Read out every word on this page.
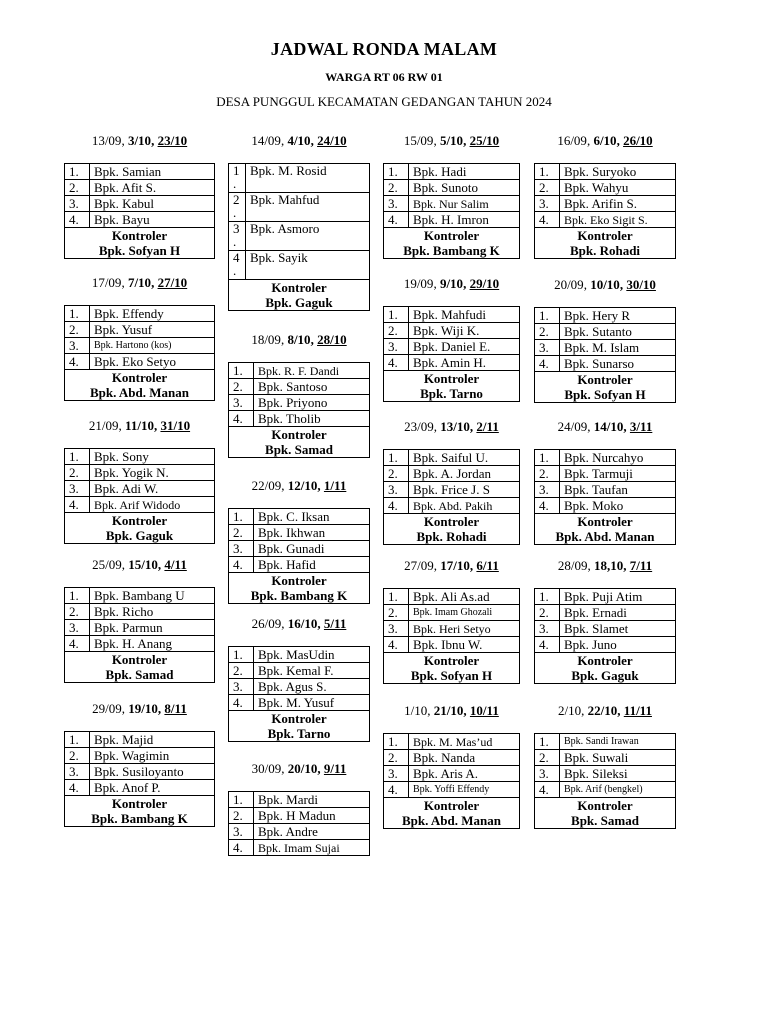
JADWAL RONDA MALAM
WARGA RT 06 RW 01
DESA PUNGGUL KECAMATAN GEDANGAN TAHUN 2024
13/09, 3/10, 23/10
1.	Bpk. Samian
2.	Bpk. Afit S.
3.	Bpk. Kabul
4.	Bpk. Bayu
Kontroler	
Bpk. Sofyan H	
17/09, 7/10, 27/10
1.	Bpk. Effendy
2.	Bpk. Yusuf
3.	Bpk. Hartono (kos)
4.	Bpk. Eko Setyo
Kontroler	
Bpk. Abd. Manan	
21/09, 11/10, 31/10
1.	Bpk. Sony
2.	Bpk. Yogik N.
3.	Bpk. Adi W.
4.	Bpk. Arif Widodo
Kontroler	
Bpk. Gaguk	
25/09, 15/10, 4/11
1.	Bpk. Bambang U
2.	Bpk. Richo
3.	Bpk. Parmun
4.	Bpk. H. Anang
Kontroler	
Bpk. Samad	
29/09, 19/10, 8/11
1.	Bpk. Majid
2.	Bpk. Wagimin
3.	Bpk. Susiloyanto
4.	Bpk. Anof P.
Kontroler	
Bpk. Bambang K	
14/09, 4/10, 24/10
1 .	Bpk. M. Rosid
2 .	Bpk. Mahfud
3 .	Bpk. Asmoro
4 .	Bpk. Sayik
Kontroler	
Bpk. Gaguk	
18/09, 8/10, 28/10
1.	Bpk. R. F. Dandi
2.	Bpk. Santoso
3.	Bpk. Priyono
4.	Bpk. Tholib
Kontroler	
Bpk. Samad	
22/09, 12/10, 1/11
1.	Bpk. C. Iksan
2.	Bpk. Ikhwan
3.	Bpk. Gunadi
4.	Bpk. Hafid
Kontroler	
Bpk. Bambang K	
26/09, 16/10, 5/11
1.	Bpk. MasUdin
2.	Bpk. Kemal F.
3.	Bpk. Agus S.
4.	Bpk. M. Yusuf
Kontroler	
Bpk. Tarno	
30/09, 20/10, 9/11
1.	Bpk. Mardi
2.	Bpk. H Madun
3.	Bpk. Andre
4.	Bpk. Imam Sujai
15/09, 5/10, 25/10
1.	Bpk. Hadi
2.	Bpk. Sunoto
3.	Bpk. Nur Salim
4.	Bpk. H. Imron
Kontroler	
Bpk. Bambang K	
19/09, 9/10, 29/10
1.	Bpk. Mahfudi
2.	Bpk. Wiji K.
3.	Bpk. Daniel E.
4.	Bpk. Amin H.
Kontroler	
Bpk. Tarno	
23/09, 13/10, 2/11
1.	Bpk. Saiful U.
2.	Bpk. A. Jordan
3.	Bpk. Frice J. S
4.	Bpk. Abd. Pakih
Kontroler	
Bpk. Rohadi	
27/09, 17/10, 6/11
1.	Bpk. Ali As.ad
2.	Bpk. Imam Ghozali
3.	Bpk. Heri Setyo
4.	Bpk. Ibnu W.
Kontroler	
Bpk. Sofyan H	
1/10, 21/10, 10/11
1.	Bpk. M. Mas’ud
2.	Bpk. Nanda
3.	Bpk. Aris A.
4.	Bpk. Yoffi Effendy
Kontroler	
Bpk. Abd. Manan	
16/09, 6/10, 26/10
1.	Bpk. Suryoko
2.	Bpk. Wahyu
3.	Bpk. Arifin S.
4.	Bpk. Eko Sigit S.
Kontroler	
Bpk. Rohadi	
20/09, 10/10, 30/10
1.	Bpk. Hery R
2.	Bpk. Sutanto
3.	Bpk. M. Islam
4.	Bpk. Sunarso
Kontroler	
Bpk. Sofyan H	
24/09, 14/10, 3/11
1.	Bpk. Nurcahyo
2.	Bpk. Tarmuji
3.	Bpk. Taufan
4.	Bpk. Moko
Kontroler	
Bpk. Abd. Manan	
28/09, 18,10, 7/11
1.	Bpk. Puji Atim
2.	Bpk. Ernadi
3.	Bpk. Slamet
4.	Bpk. Juno
Kontroler	
Bpk. Gaguk	
2/10, 22/10, 11/11
1.	Bpk. Sandi Irawan
2.	Bpk. Suwali
3.	Bpk. Sileksi
4.	Bpk. Arif (bengkel)
Kontroler	
Bpk. Samad	
